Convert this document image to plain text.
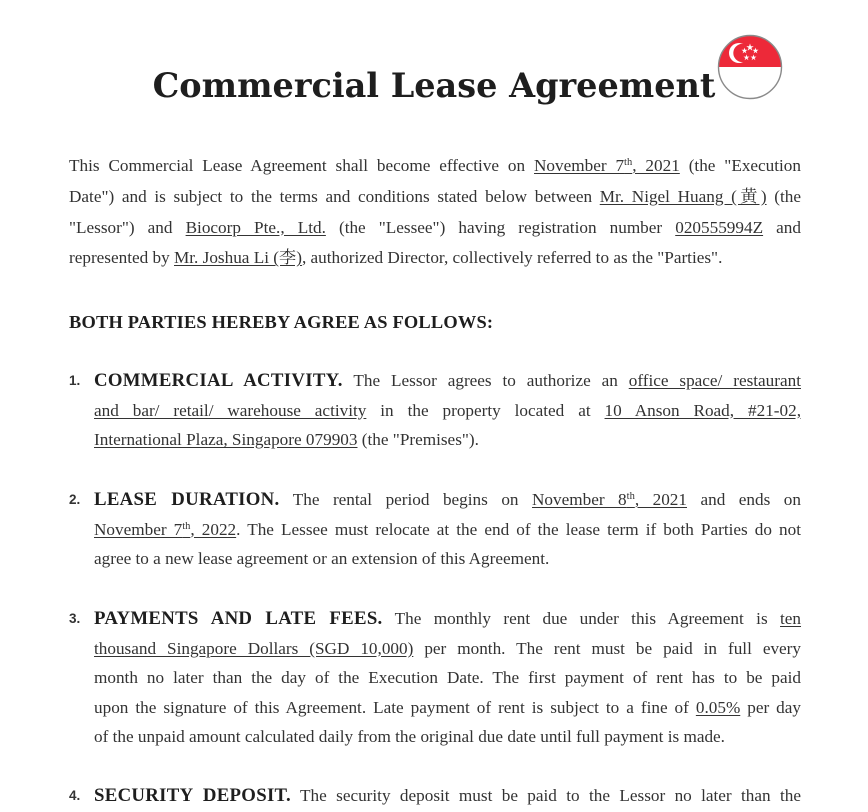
Commercial Lease Agreement
This Commercial Lease Agreement shall become effective on November 7th, 2021 (the "Execution
Date") and is subject to the terms and conditions stated below between Mr. Nigel Huang (黄) (the
"Lessor") and Biocorp Pte., Ltd. (the "Lessee") having registration number 020555994Z and
represented by Mr. Joshua Li (李), authorized Director, collectively referred to as the "Parties".
BOTH PARTIES HEREBY AGREE AS FOLLOWS:
1. COMMERCIAL ACTIVITY. The Lessor agrees to authorize an office space/ restaurant
and bar/ retail/ warehouse activity in the property located at 10 Anson Road, #21-02,
International Plaza, Singapore 079903 (the "Premises").
2. LEASE DURATION. The rental period begins on November 8th, 2021 and ends on
November 7th, 2022. The Lessee must relocate at the end of the lease term if both Parties do not
agree to a new lease agreement or an extension of this Agreement.
3. PAYMENTS AND LATE FEES. The monthly rent due under this Agreement is ten
thousand Singapore Dollars (SGD 10,000) per month. The rent must be paid in full every
month no later than the day of the Execution Date. The first payment of rent has to be paid
upon the signature of this Agreement. Late payment of rent is subject to a fine of 0.05% per day
of the unpaid amount calculated daily from the original due date until full payment is made.
4. SECURITY DEPOSIT. The security deposit must be paid to the Lessor no later than the
